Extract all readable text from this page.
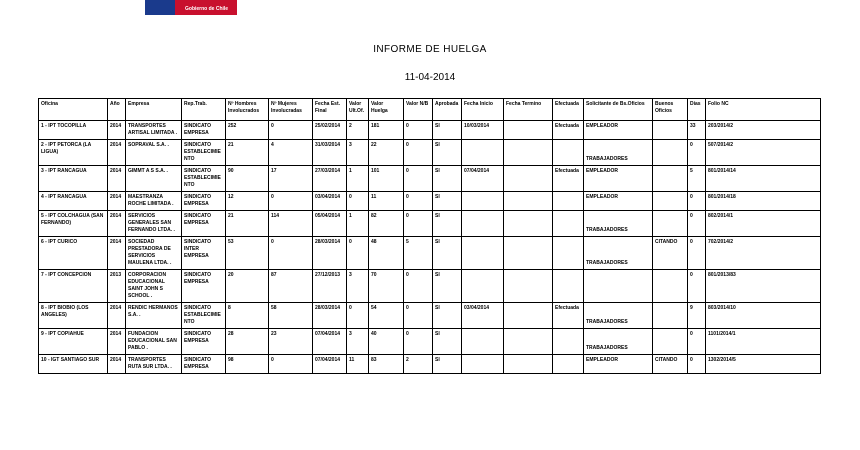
Gobierno de Chile
INFORME DE HUELGA
11-04-2014
Oficina	Año	Empresa	Rep.Trab.	Nº Hombres Involucrados	Nº Mujeres Involucradas	Fecha Est. Final	Valor Ult.Of.	Valor Huelga	Valor N/B	Aprobada	Fecha Inicio	Fecha Termino	Efectuada	Solicitante de Bs.Oficios	Buenos Oficios	Días	Folio NC
1 - IPT TOCOPILLA	2014	TRANSPORTES ARTISAL LIMITADA .	SINDICATO EMPRESA	252	0	25/02/2014	2	181	0	SI	10/03/2014		Efectuada	EMPLEADOR		33	203/2014/2
2 - IPT PETORCA (LA LIGUA)	2014	SOPRAVAL S.A. .	SINDICATO ESTABLECIMIENTO	21	4	31/03/2014	3	22	0	SI				TRABAJADORES		0	507/2014/2
3 - IPT RANCAGUA	2014	GIMMT A S S.A. .	SINDICATO ESTABLECIMIENTO	90	17	27/03/2014	1	101	0	SI	07/04/2014		Efectuada	EMPLEADOR		5	801/2014/14
4 - IPT RANCAGUA	2014	MAESTRANZA ROCHE LIMITADA .	SINDICATO EMPRESA	12	0	03/04/2014	0	11	0	SI				EMPLEADOR		0	801/2014/18
5 - IPT COLCHAGUA (SAN FERNANDO)	2014	SERVICIOS GENERALES SAN FERNANDO LTDA. .	SINDICATO EMPRESA	21	114	05/04/2014	1	82	0	SI				TRABAJADORES		0	802/2014/1
6 - IPT CURICO	2014	SOCIEDAD PRESTADORA DE SERVICIOS MAULENA LTDA. .	SINDICATO INTER EMPRESA	53	0	28/03/2014	0	48	5	SI				TRABAJADORES	CITANDO	0	702/2014/2
7 - IPT CONCEPCION	2013	CORPORACION EDUCACIONAL SAINT JOHN S SCHOOL .	SINDICATO EMPRESA	20	87	27/12/2013	3	70	0	SI						0	801/2013/83
8 - IPT BIOBIO (LOS ANGELES)	2014	RENDIC HERMANOS S.A. .	SINDICATO ESTABLECIMIENTO	8	58	28/03/2014	0	54	0	SI	03/04/2014		Efectuada	TRABAJADORES		9	803/2014/10
9 - IPT COPIAHUE	2014	FUNDACION EDUCACIONAL SAN PABLO .	SINDICATO EMPRESA	28	23	07/04/2014	3	40	0	SI				TRABAJADORES		0	1101/2014/1
10 - IGT SANTIAGO SUR	2014	TRANSPORTES RUTA SUR LTDA. .	SINDICATO EMPRESA	98	0	07/04/2014	11	83	2	SI				EMPLEADOR	CITANDO	0	1302/2014/5
